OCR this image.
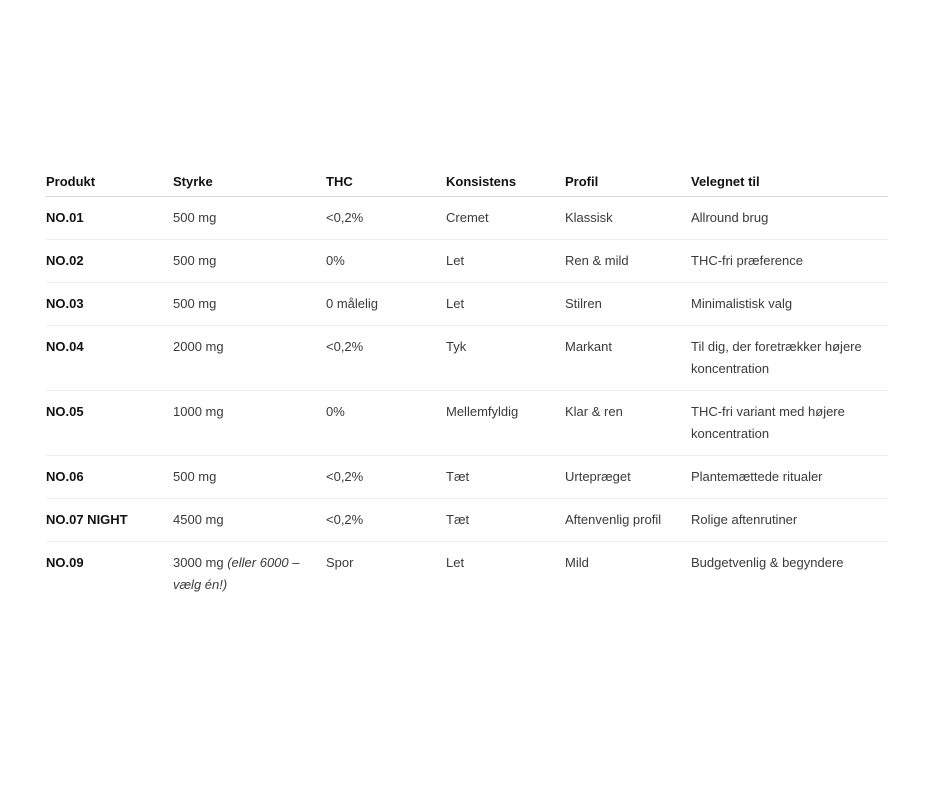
Produkt	Styrke	THC	Konsistens	Profil	Velegnet til
NO.01	500 mg	<0,2%	Cremet	Klassisk	Allround brug
NO.02	500 mg	0%	Let	Ren & mild	THC-fri præference
NO.03	500 mg	0 målelig	Let	Stilren	Minimalistisk valg
NO.04	2000 mg	<0,2%	Tyk	Markant	Til dig, der foretrækker højere koncentration
NO.05	1000 mg	0%	Mellemfyldig	Klar & ren	THC-fri variant med højere koncentration
NO.06	500 mg	<0,2%	Tæt	Urtepræget	Plantemættede ritualer
NO.07 NIGHT	4500 mg	<0,2%	Tæt	Aftenvenlig profil	Rolige aftenrutiner
NO.09	3000 mg (eller 6000 – vælg én!)	Spor	Let	Mild	Budgetvenlig & begyndere
